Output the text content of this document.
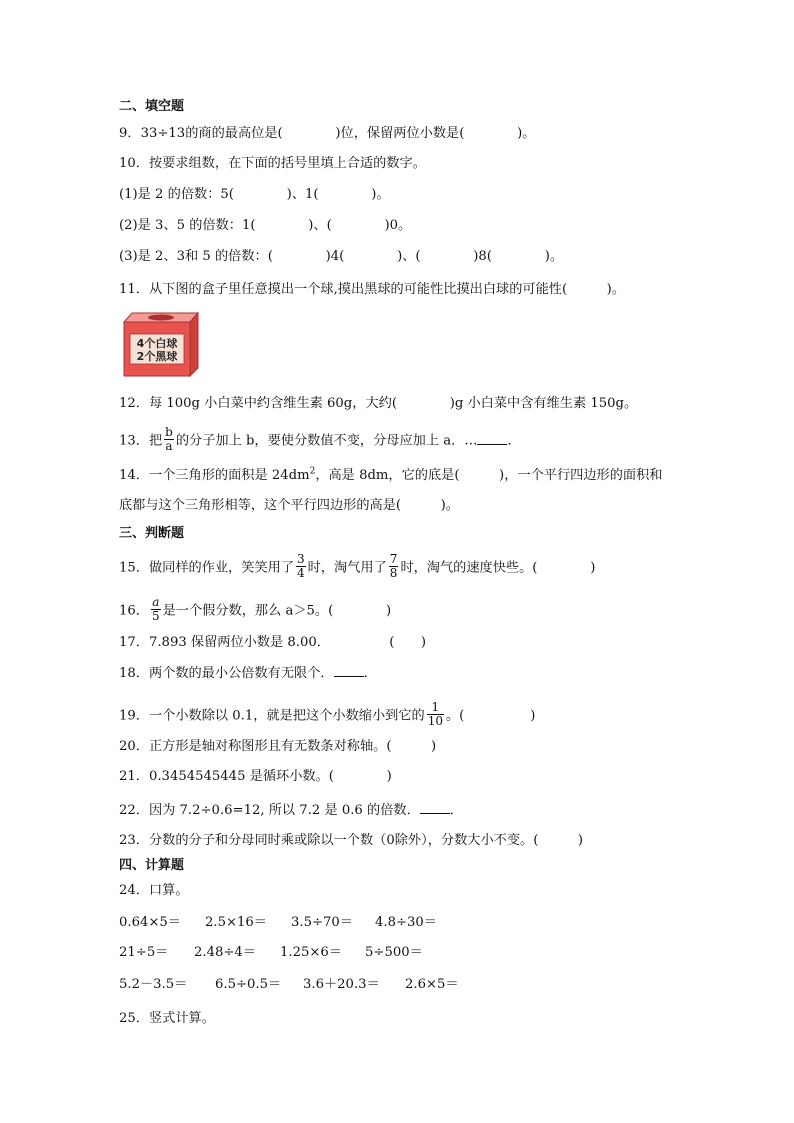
二、填空题
9．33÷13的商的最高位是(　　　　)位，保留两位小数是(　　　　)。
10．按要求组数，在下面的括号里填上合适的数字。
(1)是 2 的倍数：5(　　　　)、1(　　　　)。
(2)是 3、5 的倍数：1(　　　　)、(　　　　)0。
(3)是 2、3和 5 的倍数：(　　　　)4(　　　　)、(　　　　)8(　　　　)。
11．从下图的盒子里任意摸出一个球,摸出黑球的可能性比摸出白球的可能性(　　　)。
4个白球
2个黑球
12．每 100g 小白菜中约含维生素 60g，大约(　　　　)g 小白菜中含有维生素 150g。
13．把 $\frac{b}{a}$ 的分子加上 b，要使分数值不变，分母应加上 a．… ．
14．一个三角形的面积是 $24dm^2$，高是 8dm，它的底是(　　　)，一个平行四边形的面积和
底都与这个三角形相等，这个平行四边形的高是(　　　)。
三、判断题
15．做同样的作业，笑笑用了 $\frac{3}{4}$ 时，淘气用了 $\frac{7}{8}$ 时，淘气的速度快些。(　　　　)
16． $\frac{a}{5}$ 是一个假分数，那么 a＞5。(　　　　)
17．7.893 保留两位小数是 8.00．　　　　　(　　)
18．两个数的最小公倍数有无限个． ．
19．一个小数除以 0.1，就是把这个小数缩小到它的 $\frac{1}{10}$ 。(　　　　　)
20．正方形是轴对称图形且有无数条对称轴。(　　　)
21．0.3454545445 是循环小数。(　　　　)
22．因为 7.2÷0.6=12, 所以 7.2 是 0.6 的倍数． ．
23．分数的分子和分母同时乘或除以一个数（0除外），分数大小不变。(　　　)
四、计算题
24．口算。
0.64×5＝ 2.5×16＝ 3.5÷70＝ 4.8÷30＝
21÷5＝ 2.48÷4＝ 1.25×6＝ 5÷500＝
5.2－3.5＝ 6.5÷0.5＝ 3.6＋20.3＝ 2.6×5＝
25．竖式计算。
